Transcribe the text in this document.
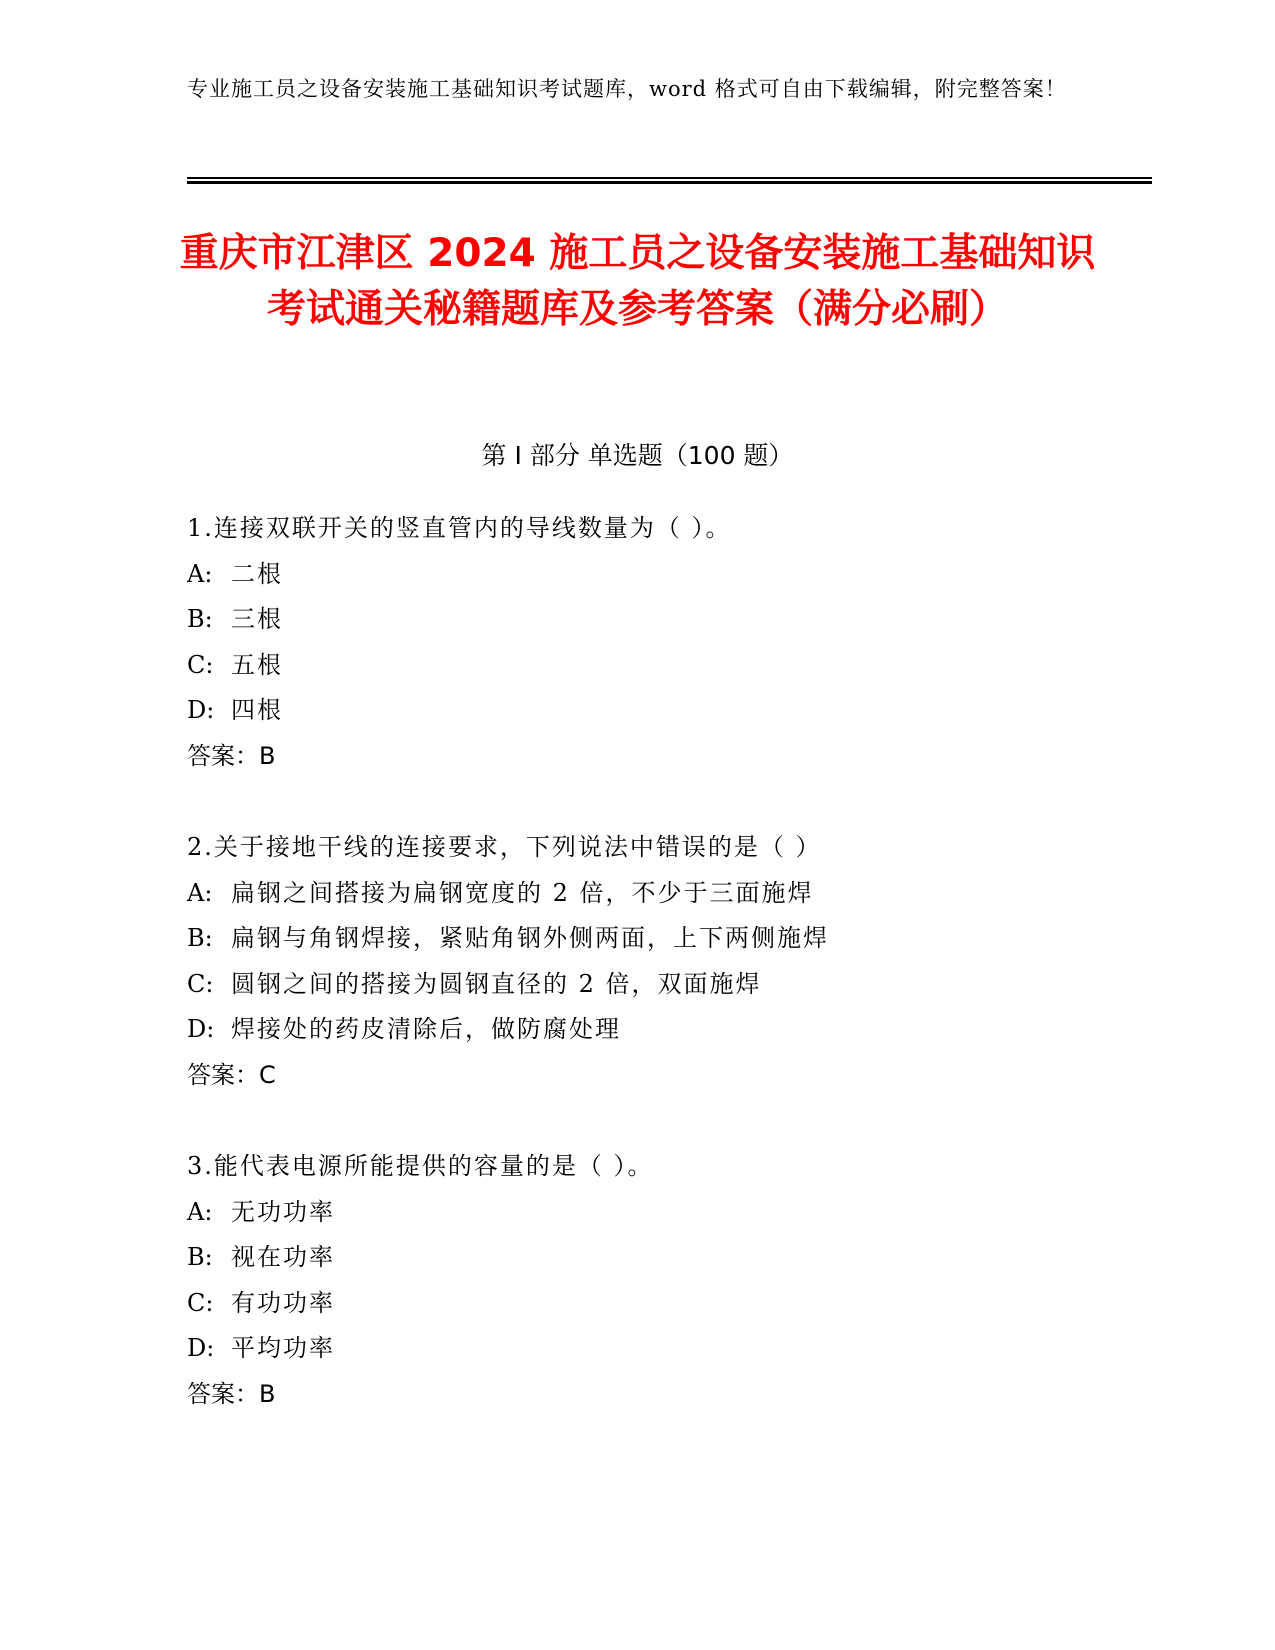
专业施工员之设备安装施工基础知识考试题库，word 格式可自由下载编辑，附完整答案！
重庆市江津区 2024 施工员之设备安装施工基础知识考试通关秘籍题库及参考答案（满分必刷）
第 I 部分 单选题（100 题）
1.连接双联开关的竖直管内的导线数量为（ ）。
A: 二根
B: 三根
C: 五根
D: 四根
答案：B
2.关于接地干线的连接要求，下列说法中错误的是（ ）
A: 扁钢之间搭接为扁钢宽度的 2 倍，不少于三面施焊
B: 扁钢与角钢焊接，紧贴角钢外侧两面，上下两侧施焊
C: 圆钢之间的搭接为圆钢直径的 2 倍，双面施焊
D: 焊接处的药皮清除后，做防腐处理
答案：C
3.能代表电源所能提供的容量的是（ ）。
A: 无功功率
B: 视在功率
C: 有功功率
D: 平均功率
答案：B
